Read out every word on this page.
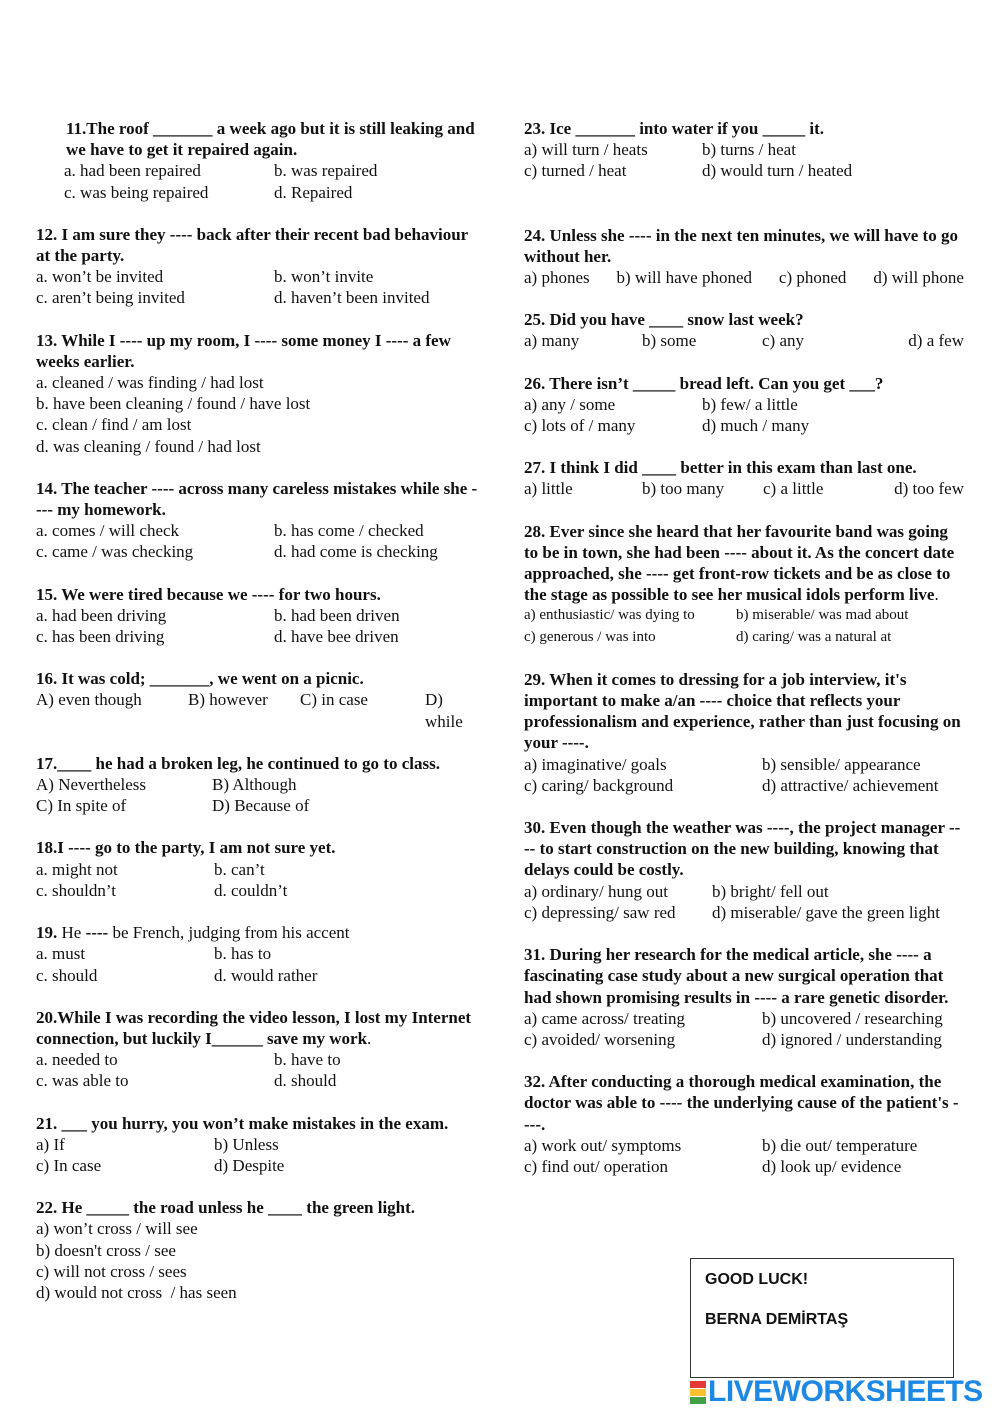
11.The roof _______ a week ago but it is still leaking and we have to get it repaired again.
a. had been repaired	b. was repaired
c. was being repaired	d. Repaired
12. I am sure they ---- back after their recent bad behaviour at the party.
a. won’t be invited	b. won’t invite
c. aren’t being invited	d. haven’t been invited
13. While I ---- up my room, I ---- some money I ---- a few weeks earlier.
a. cleaned / was finding / had lost
b. have been cleaning / found / have lost
c. clean / find / am lost
d. was cleaning / found / had lost
14. The teacher ---- across many careless mistakes while she ---- my homework.
a. comes / will check	b. has come / checked
c. came / was checking	d. had come is checking
15. We were tired because we ---- for two hours.
a. had been driving	b. had been driven
c. has been driving	d. have bee driven
16. It was cold; _______, we went on a picnic.
A) even though	B) however	C) in case	D) while
17.____ he had a broken leg, he continued to go to class.
A) Nevertheless	B) Although
C) In spite of	D) Because of
18.I ---- go to the party, I am not sure yet.
a. might not	b. can’t
c. shouldn’t	d. couldn’t
19. He ---- be French, judging from his accent
a. must	b. has to
c. should	d. would rather
20.While I was recording the video lesson, I lost my Internet connection, but luckily I______ save my work.
a. needed to	b. have to
c. was able to	d. should
21. ___ you hurry, you won’t make mistakes in the exam.
a) If	b) Unless
c) In case	d) Despite
22. He _____ the road unless he ____ the green light.
a) won’t cross / will see
b) doesn't cross / see
c) will not cross / sees
d) would not cross  / has seen
23. Ice _______ into water if you _____ it.
a) will turn / heats	b) turns / heat
c) turned / heat	d) would turn / heated
24. Unless she ---- in the next ten minutes, we will have to go without her.
a) phones b) will have phoned c) phoned d) will phone
25. Did you have ____ snow last week?
a) many	b) some	c) any	d) a few
26. There isn’t _____ bread left. Can you get ___?
a) any / some	b) few/ a little
c) lots of / many	d) much / many
27. I think I did ____ better in this exam than last one.
a) little	b) too many	c) a little	d) too few
28. Ever since she heard that her favourite band was going to be in town, she had been ---- about it. As the concert date approached, she ---- get front-row tickets and be as close to the stage as possible to see her musical idols perform live.
a) enthusiastic/ was dying to	b) miserable/ was mad about
c) generous / was into	d) caring/ was a natural at
29. When it comes to dressing for a job interview, it's important to make a/an ---- choice that reflects your professionalism and experience, rather than just focusing on your ----.
a) imaginative/ goals	b) sensible/ appearance
c) caring/ background	d) attractive/ achievement
30. Even though the weather was ----, the project manager ---- to start construction on the new building, knowing that delays could be costly.
a) ordinary/ hung out	b) bright/ fell out
c) depressing/ saw red	d) miserable/ gave the green light
31. During her research for the medical article, she ---- a fascinating case study about a new surgical operation that had shown promising results in ---- a rare genetic disorder.
a) came across/ treating	b) uncovered / researching
c) avoided/ worsening	d) ignored / understanding
32. After conducting a thorough medical examination, the doctor was able to ---- the underlying cause of the patient's ----.
a) work out/ symptoms	b) die out/ temperature
c) find out/ operation	d) look up/ evidence
GOOD LUCK!
BERNA DEMİRTAŞ
LIVEWORKSHEETS
